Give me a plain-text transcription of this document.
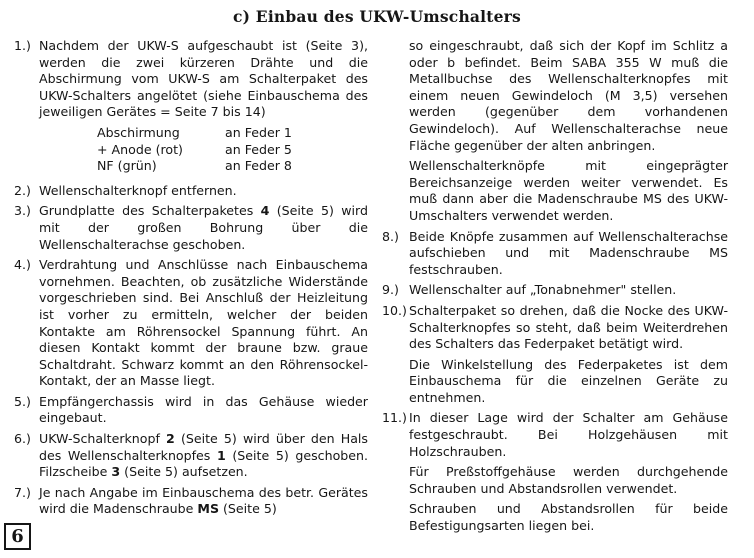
c) Einbau des UKW-Umschalters
1.) Nachdem der UKW-S aufgeschaubt ist (Seite 3), werden die zwei kürzeren Drähte und die Abschirmung vom UKW-S am Schalterpaket des UKW-Schalters angelötet (siehe Einbauschema des jeweiligen Gerätes = Seite 7 bis 14)
Abschirmung	an Feder 1
+ Anode (rot)	an Feder 5
NF (grün)	an Feder 8
2.) Wellenschalterknopf entfernen.
3.) Grundplatte des Schalterpaketes 4 (Seite 5) wird mit der großen Bohrung über die Wellenschalterachse geschoben.
4.) Verdrahtung und Anschlüsse nach Einbauschema vornehmen. Beachten, ob zusätzliche Widerstände vorgeschrieben sind. Bei Anschluß der Heizleitung ist vorher zu ermitteln, welcher der beiden Kontakte am Röhrensockel Spannung führt. An diesen Kontakt kommt der braune bzw. graue Schaltdraht. Schwarz kommt an den Röhrensockel-Kontakt, der an Masse liegt.
5.) Empfängerchassis wird in das Gehäuse wieder eingebaut.
6.) UKW-Schalterknopf 2 (Seite 5) wird über den Hals des Wellenschalterknopfes 1 (Seite 5) geschoben. Filzscheibe 3 (Seite 5) aufsetzen.
7.) Je nach Angabe im Einbauschema des betr. Gerätes wird die Madenschraube MS (Seite 5)

so eingeschraubt, daß sich der Kopf im Schlitz a oder b befindet. Beim SABA 355 W muß die Metallbuchse des Wellenschalterknopfes mit einem neuen Gewindeloch (M 3,5) versehen werden (gegenüber dem vorhandenen Gewindeloch). Auf Wellenschalterachse neue Fläche gegenüber der alten anbringen.

Wellenschalterknöpfe mit eingeprägter Bereichsanzeige werden weiter verwendet. Es muß dann aber die Madenschraube MS des UKW-Umschalters verwendet werden.

8.) Beide Knöpfe zusammen auf Wellenschalterachse aufschieben und mit Madenschraube MS festschrauben.
9.) Wellenschalter auf „Tonabnehmer" stellen.
10.) Schalterpaket so drehen, daß die Nocke des UKW-Schalterknopfes so steht, daß beim Weiterdrehen des Schalters das Federpaket betätigt wird.

Die Winkelstellung des Federpaketes ist dem Einbauschema für die einzelnen Geräte zu entnehmen.

11.) In dieser Lage wird der Schalter am Gehäuse festgeschraubt. Bei Holzgehäusen mit Holzschrauben.

Für Preßstoffgehäuse werden durchgehende Schrauben und Abstandsrollen verwendet.

Schrauben und Abstandsrollen für beide Befestigungsarten liegen bei.

6
